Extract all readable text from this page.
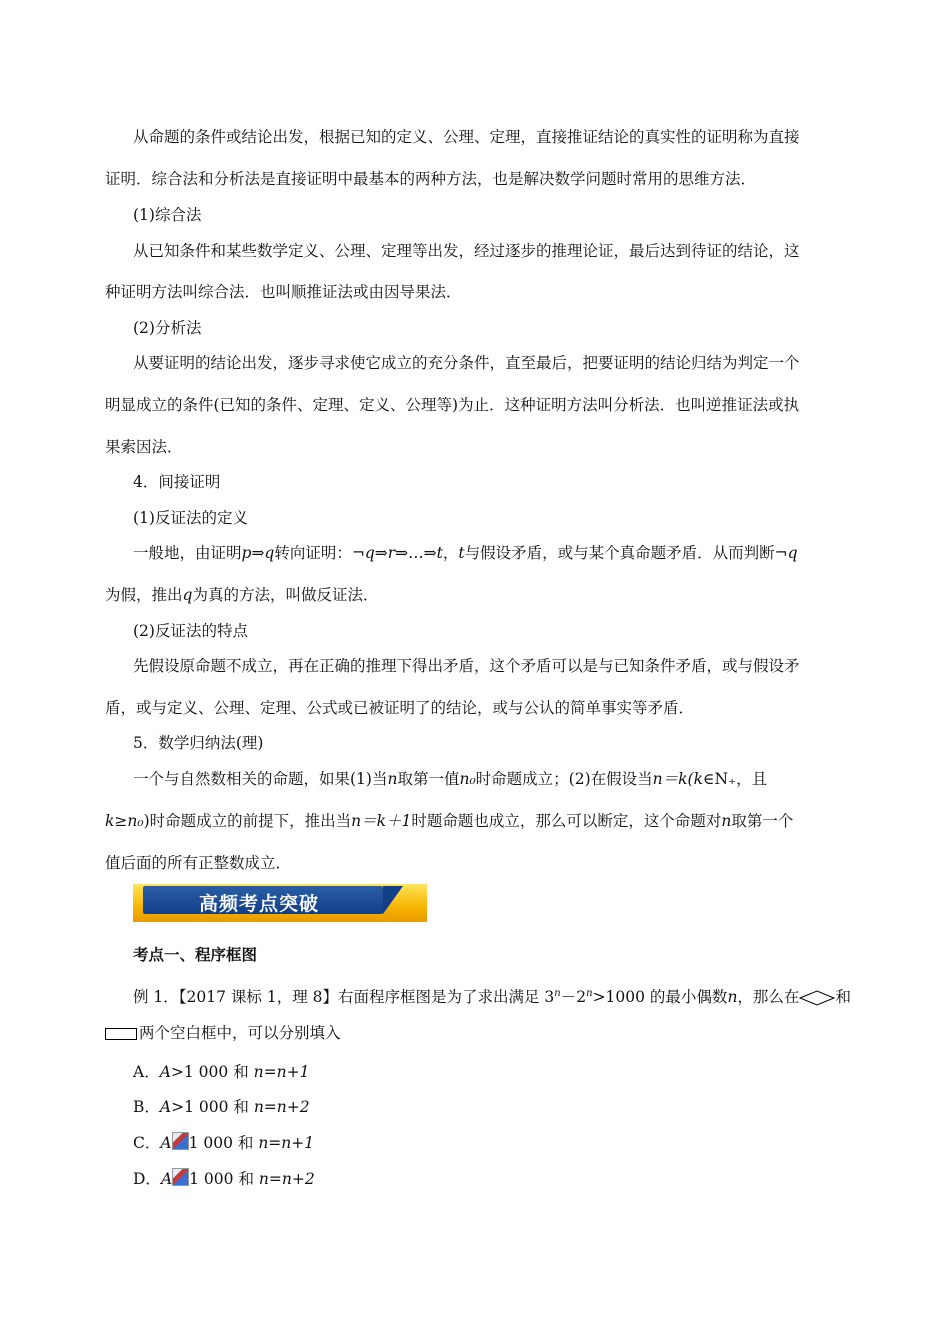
从命题的条件或结论出发，根据已知的定义、公理、定理，直接推证结论的真实性的证明称为直接
证明．综合法和分析法是直接证明中最基本的两种方法，也是解决数学问题时常用的思维方法．
(1)综合法
从已知条件和某些数学定义、公理、定理等出发，经过逐步的推理论证，最后达到待证的结论，这
种证明方法叫综合法．也叫顺推证法或由因导果法．
(2)分析法
从要证明的结论出发，逐步寻求使它成立的充分条件，直至最后，把要证明的结论归结为判定一个
明显成立的条件(已知的条件、定理、定义、公理等)为止．这种证明方法叫分析法．也叫逆推证法或执
果索因法．
4．间接证明
(1)反证法的定义
一般地，由证明p⇒q转向证明：¬q⇒r⇒…⇒t，t与假设矛盾，或与某个真命题矛盾．从而判断¬q
为假，推出q为真的方法，叫做反证法．
(2)反证法的特点
先假设原命题不成立，再在正确的推理下得出矛盾，这个矛盾可以是与已知条件矛盾，或与假设矛
盾，或与定义、公理、定理、公式或已被证明了的结论，或与公认的简单事实等矛盾．
5．数学归纳法(理)
一个与自然数相关的命题，如果(1)当n取第一值n₀时命题成立；(2)在假设当n＝k(k∈N₊，且
k≥n₀)时命题成立的前提下，推出当n＝k＋1时题命题也成立，那么可以断定，这个命题对n取第一个
值后面的所有正整数成立．
高频考点突破
考点一、程序框图
例 1．【2017 课标 1，理 8】右面程序框图是为了求出满足 $3^n-2^n>1000$ 的最小偶数n，那么在 和
两个空白框中，可以分别填入
A．A>1 000 和 n=n+1
B．A>1 000 和 n=n+2
C．A 1 000 和 n=n+1
D．A 1 000 和 n=n+2
